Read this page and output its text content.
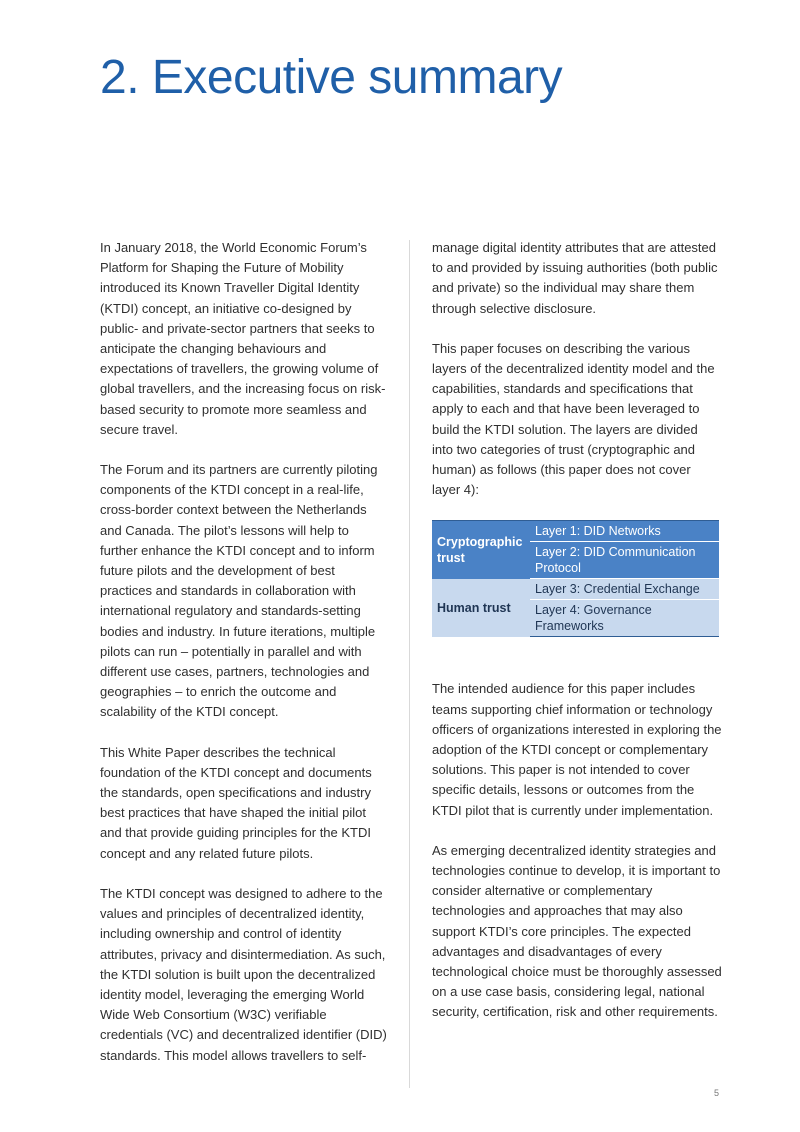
2. Executive summary

In January 2018, the World Economic Forum’s Platform for Shaping the Future of Mobility introduced its Known Traveller Digital Identity (KTDI) concept, an initiative co-designed by public- and private-sector partners that seeks to anticipate the changing behaviours and expectations of travellers, the growing volume of global travellers, and the increasing focus on risk-based security to promote more seamless and secure travel.

The Forum and its partners are currently piloting components of the KTDI concept in a real-life, cross-border context between the Netherlands and Canada. The pilot’s lessons will help to further enhance the KTDI concept and to inform future pilots and the development of best practices and standards in collaboration with international regulatory and standards-setting bodies and industry. In future iterations, multiple pilots can run – potentially in parallel and with different use cases, partners, technologies and geographies – to enrich the outcome and scalability of the KTDI concept.

This White Paper describes the technical foundation of the KTDI concept and documents the standards, open specifications and industry best practices that have shaped the initial pilot and that provide guiding principles for the KTDI concept and any related future pilots.

The KTDI concept was designed to adhere to the values and principles of decentralized identity, including ownership and control of identity attributes, privacy and disintermediation. As such, the KTDI solution is built upon the decentralized identity model, leveraging the emerging World Wide Web Consortium (W3C) verifiable credentials (VC) and decentralized identifier (DID) standards. This model allows travellers to self-

manage digital identity attributes that are attested to and provided by issuing authorities (both public and private) so the individual may share them through selective disclosure.

This paper focuses on describing the various layers of the decentralized identity model and the capabilities, standards and specifications that apply to each and that have been leveraged to build the KTDI solution. The layers are divided into two categories of trust (cryptographic and human) as follows (this paper does not cover layer 4):

Cryptographic trust	Layer 1: DID Networks
	Layer 2: DID Communication Protocol
Human trust	Layer 3: Credential Exchange
	Layer 4: Governance Frameworks

The intended audience for this paper includes teams supporting chief information or technology officers of organizations interested in exploring the adoption of the KTDI concept or complementary solutions. This paper is not intended to cover specific details, lessons or outcomes from the KTDI pilot that is currently under implementation.

As emerging decentralized identity strategies and technologies continue to develop, it is important to consider alternative or complementary technologies and approaches that may also support KTDI’s core principles. The expected advantages and disadvantages of every technological choice must be thoroughly assessed on a use case basis, considering legal, national security, certification, risk and other requirements.

5
